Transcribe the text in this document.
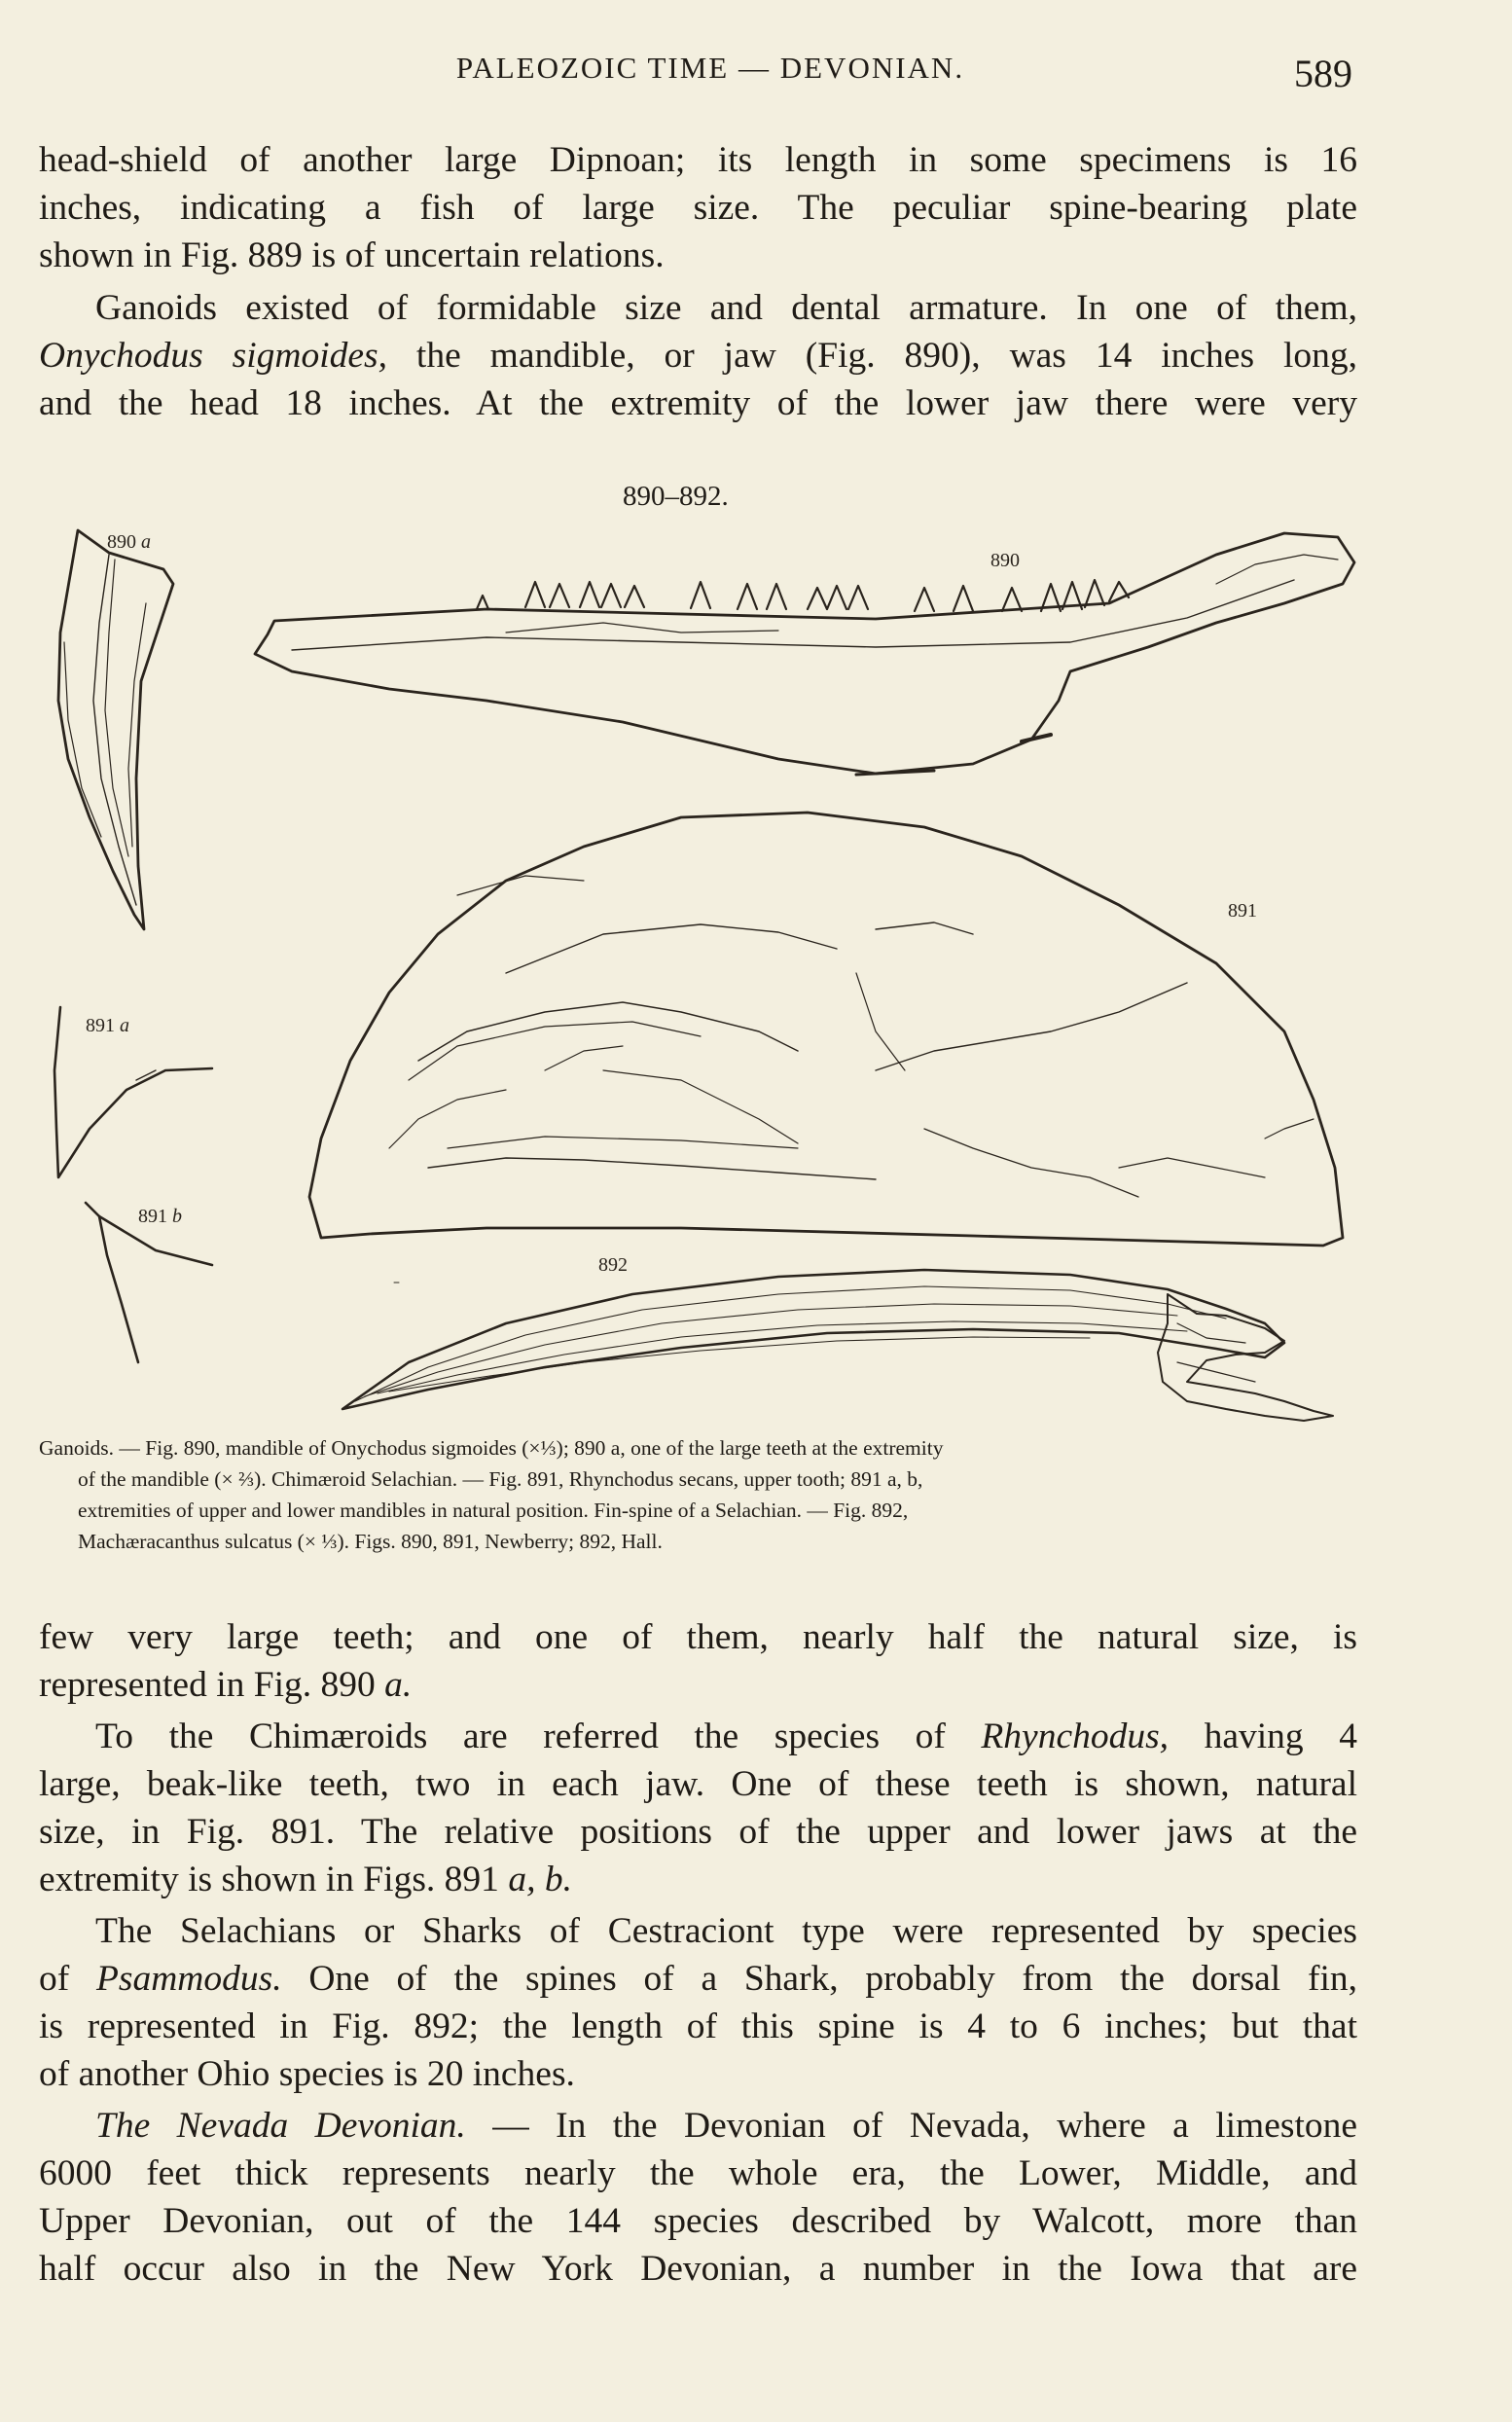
PALEOZOIC TIME — DEVONIAN.	589

head-shield of another large Dipnoan; its length in some specimens is 16

inches, indicating a fish of large size. The peculiar spine-bearing plate

shown in Fig. 889 is of uncertain relations.

Ganoids existed of formidable size and dental armature. In one of them,

Onychodus sigmoides, the mandible, or jaw (Fig. 890), was 14 inches long,

and the head 18 inches. At the extremity of the lower jaw there were very

890–892.
890 a
890
891
891 a
891 b
892
Ganoids. — Fig. 890, mandible of Onychodus sigmoides (×⅓); 890 a, one of the large teeth at the extremity

of the mandible (× ⅔). Chimæroid Selachian. — Fig. 891, Rhynchodus secans, upper tooth; 891 a, b,
extremities of upper and lower mandibles in natural position. Fin-spine of a Selachian. — Fig. 892,
Machæracanthus sulcatus (× ⅓). Figs. 890, 891, Newberry; 892, Hall.

few very large teeth; and one of them, nearly half the natural size, is

represented in Fig. 890 a.

To the Chimæroids are referred the species of Rhynchodus, having 4

large, beak-like teeth, two in each jaw. One of these teeth is shown, natural

size, in Fig. 891. The relative positions of the upper and lower jaws at the

extremity is shown in Figs. 891 a, b.

The Selachians or Sharks of Cestraciont type were represented by species

of Psammodus. One of the spines of a Shark, probably from the dorsal fin,

is represented in Fig. 892; the length of this spine is 4 to 6 inches; but that

of another Ohio species is 20 inches.

The Nevada Devonian. — In the Devonian of Nevada, where a limestone

6000 feet thick represents nearly the whole era, the Lower, Middle, and

Upper Devonian, out of the 144 species described by Walcott, more than

half occur also in the New York Devonian, a number in the Iowa that are
